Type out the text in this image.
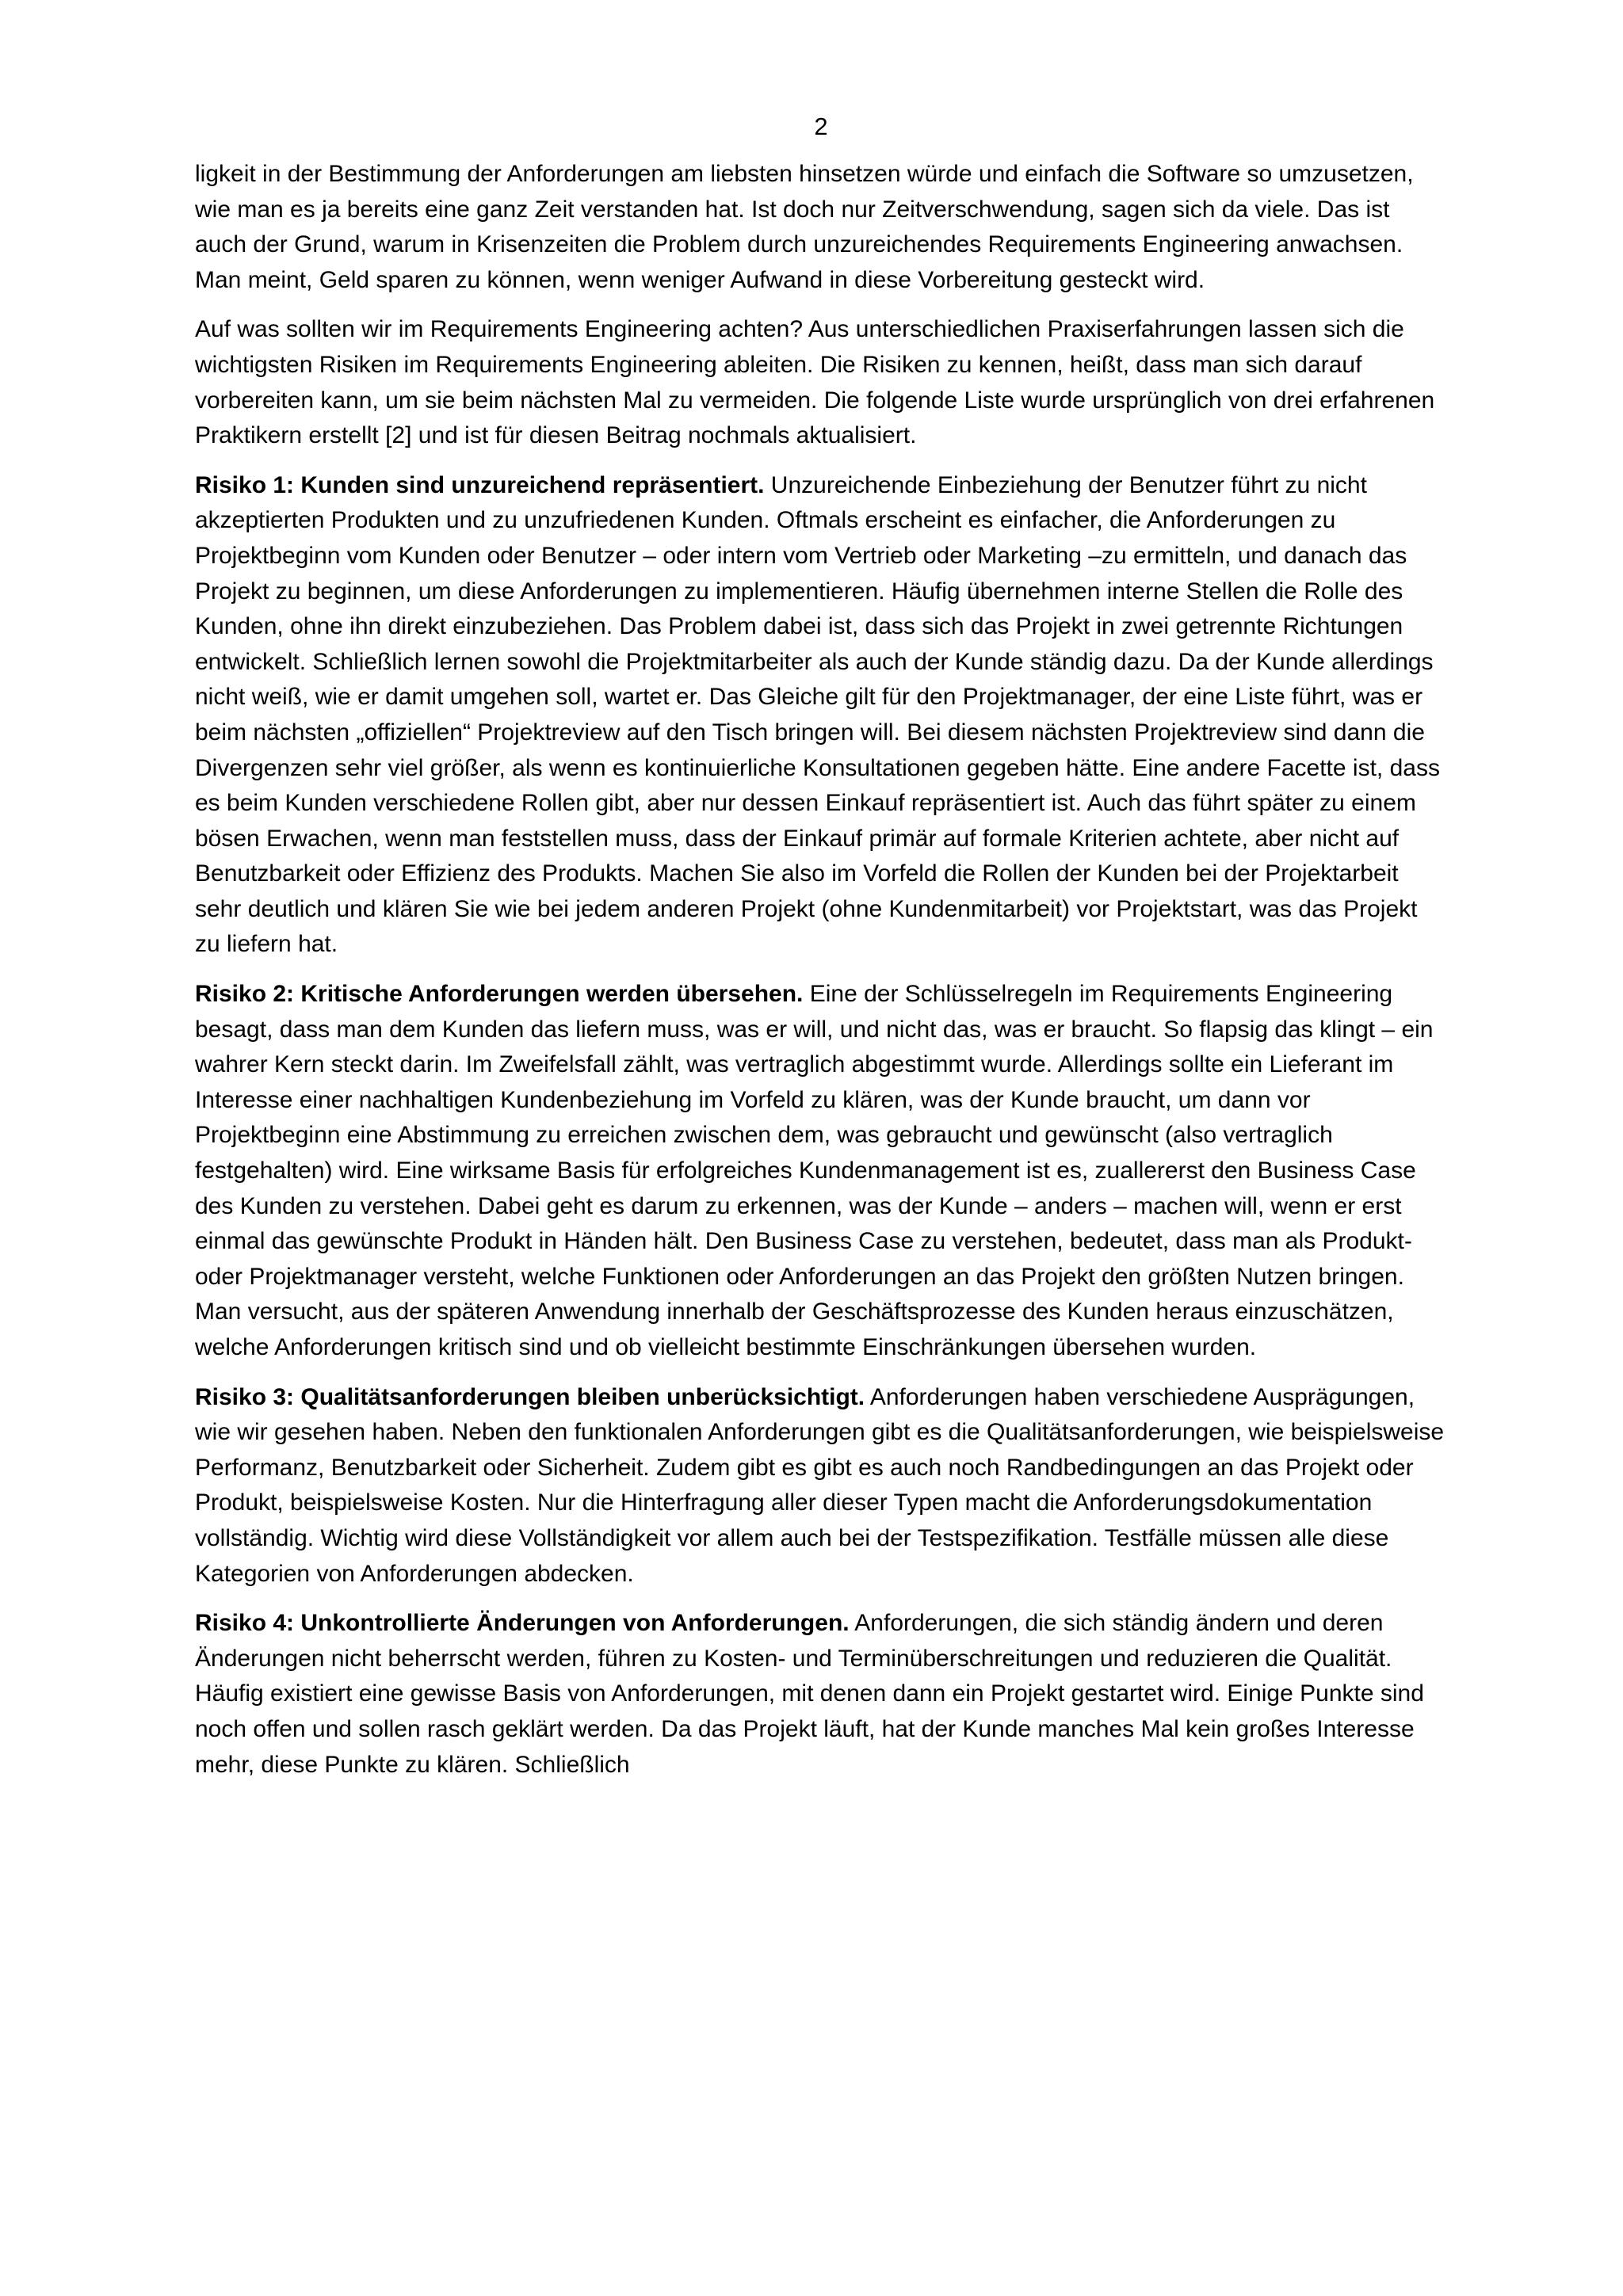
2

ligkeit in der Bestimmung der Anforderungen am liebsten hinsetzen würde und einfach die Software so umzusetzen, wie man es ja bereits eine ganz Zeit verstanden hat. Ist doch nur Zeitverschwendung, sagen sich da viele. Das ist auch der Grund, warum in Krisenzeiten die Problem durch unzureichendes Requirements Engineering anwachsen. Man meint, Geld sparen zu können, wenn weniger Aufwand in diese Vorbereitung gesteckt wird.

Auf was sollten wir im Requirements Engineering achten? Aus unterschiedlichen Praxiserfahrungen lassen sich die wichtigsten Risiken im Requirements Engineering ableiten. Die Risiken zu kennen, heißt, dass man sich darauf vorbereiten kann, um sie beim nächsten Mal zu vermeiden. Die folgende Liste wurde ursprünglich von drei erfahrenen Praktikern erstellt [2] und ist für diesen Beitrag nochmals aktualisiert.

Risiko 1: Kunden sind unzureichend repräsentiert. Unzureichende Einbeziehung der Benutzer führt zu nicht akzeptierten Produkten und zu unzufriedenen Kunden. Oftmals erscheint es einfacher, die Anforderungen zu Projektbeginn vom Kunden oder Benutzer – oder intern vom Vertrieb oder Marketing –zu ermitteln, und danach das Projekt zu beginnen, um diese Anforderungen zu implementieren. Häufig übernehmen interne Stellen die Rolle des Kunden, ohne ihn direkt einzubeziehen. Das Problem dabei ist, dass sich das Projekt in zwei getrennte Richtungen entwickelt. Schließlich lernen sowohl die Projektmitarbeiter als auch der Kunde ständig dazu. Da der Kunde allerdings nicht weiß, wie er damit umgehen soll, wartet er. Das Gleiche gilt für den Projektmanager, der eine Liste führt, was er beim nächsten „offiziellen“ Projektreview auf den Tisch bringen will. Bei diesem nächsten Projektreview sind dann die Divergenzen sehr viel größer, als wenn es kontinuierliche Konsultationen gegeben hätte. Eine andere Facette ist, dass es beim Kunden verschiedene Rollen gibt, aber nur dessen Einkauf repräsentiert ist. Auch das führt später zu einem bösen Erwachen, wenn man feststellen muss, dass der Einkauf primär auf formale Kriterien achtete, aber nicht auf Benutzbarkeit oder Effizienz des Produkts. Machen Sie also im Vorfeld die Rollen der Kunden bei der Projektarbeit sehr deutlich und klären Sie wie bei jedem anderen Projekt (ohne Kundenmitarbeit) vor Projektstart, was das Projekt zu liefern hat.

Risiko 2: Kritische Anforderungen werden übersehen. Eine der Schlüsselregeln im Requirements Engineering besagt, dass man dem Kunden das liefern muss, was er will, und nicht das, was er braucht. So flapsig das klingt – ein wahrer Kern steckt darin. Im Zweifelsfall zählt, was vertraglich abgestimmt wurde. Allerdings sollte ein Lieferant im Interesse einer nachhaltigen Kundenbeziehung im Vorfeld zu klären, was der Kunde braucht, um dann vor Projektbeginn eine Abstimmung zu erreichen zwischen dem, was gebraucht und gewünscht (also vertraglich festgehalten) wird. Eine wirksame Basis für erfolgreiches Kundenmanagement ist es, zuallererst den Business Case des Kunden zu verstehen. Dabei geht es darum zu erkennen, was der Kunde – anders – machen will, wenn er erst einmal das gewünschte Produkt in Händen hält. Den Business Case zu verstehen, bedeutet, dass man als Produkt- oder Projektmanager versteht, welche Funktionen oder Anforderungen an das Projekt den größten Nutzen bringen. Man versucht, aus der späteren Anwendung innerhalb der Geschäftsprozesse des Kunden heraus einzuschätzen, welche Anforderungen kritisch sind und ob vielleicht bestimmte Einschränkungen übersehen wurden.

Risiko 3: Qualitätsanforderungen bleiben unberücksichtigt. Anforderungen haben verschiedene Ausprägungen, wie wir gesehen haben. Neben den funktionalen Anforderungen gibt es die Qualitätsanforderungen, wie beispielsweise Performanz, Benutzbarkeit oder Sicherheit. Zudem gibt es gibt es auch noch Randbedingungen an das Projekt oder Produkt, beispielsweise Kosten. Nur die Hinterfragung aller dieser Typen macht die Anforderungsdokumentation vollständig. Wichtig wird diese Vollständigkeit vor allem auch bei der Testspezifikation. Testfälle müssen alle diese Kategorien von Anforderungen abdecken.

Risiko 4: Unkontrollierte Änderungen von Anforderungen. Anforderungen, die sich ständig ändern und deren Änderungen nicht beherrscht werden, führen zu Kosten- und Terminüberschreitungen und reduzieren die Qualität. Häufig existiert eine gewisse Basis von Anforderungen, mit denen dann ein Projekt gestartet wird. Einige Punkte sind noch offen und sollen rasch geklärt werden. Da das Projekt läuft, hat der Kunde manches Mal kein großes Interesse mehr, diese Punkte zu klären. Schließlich
